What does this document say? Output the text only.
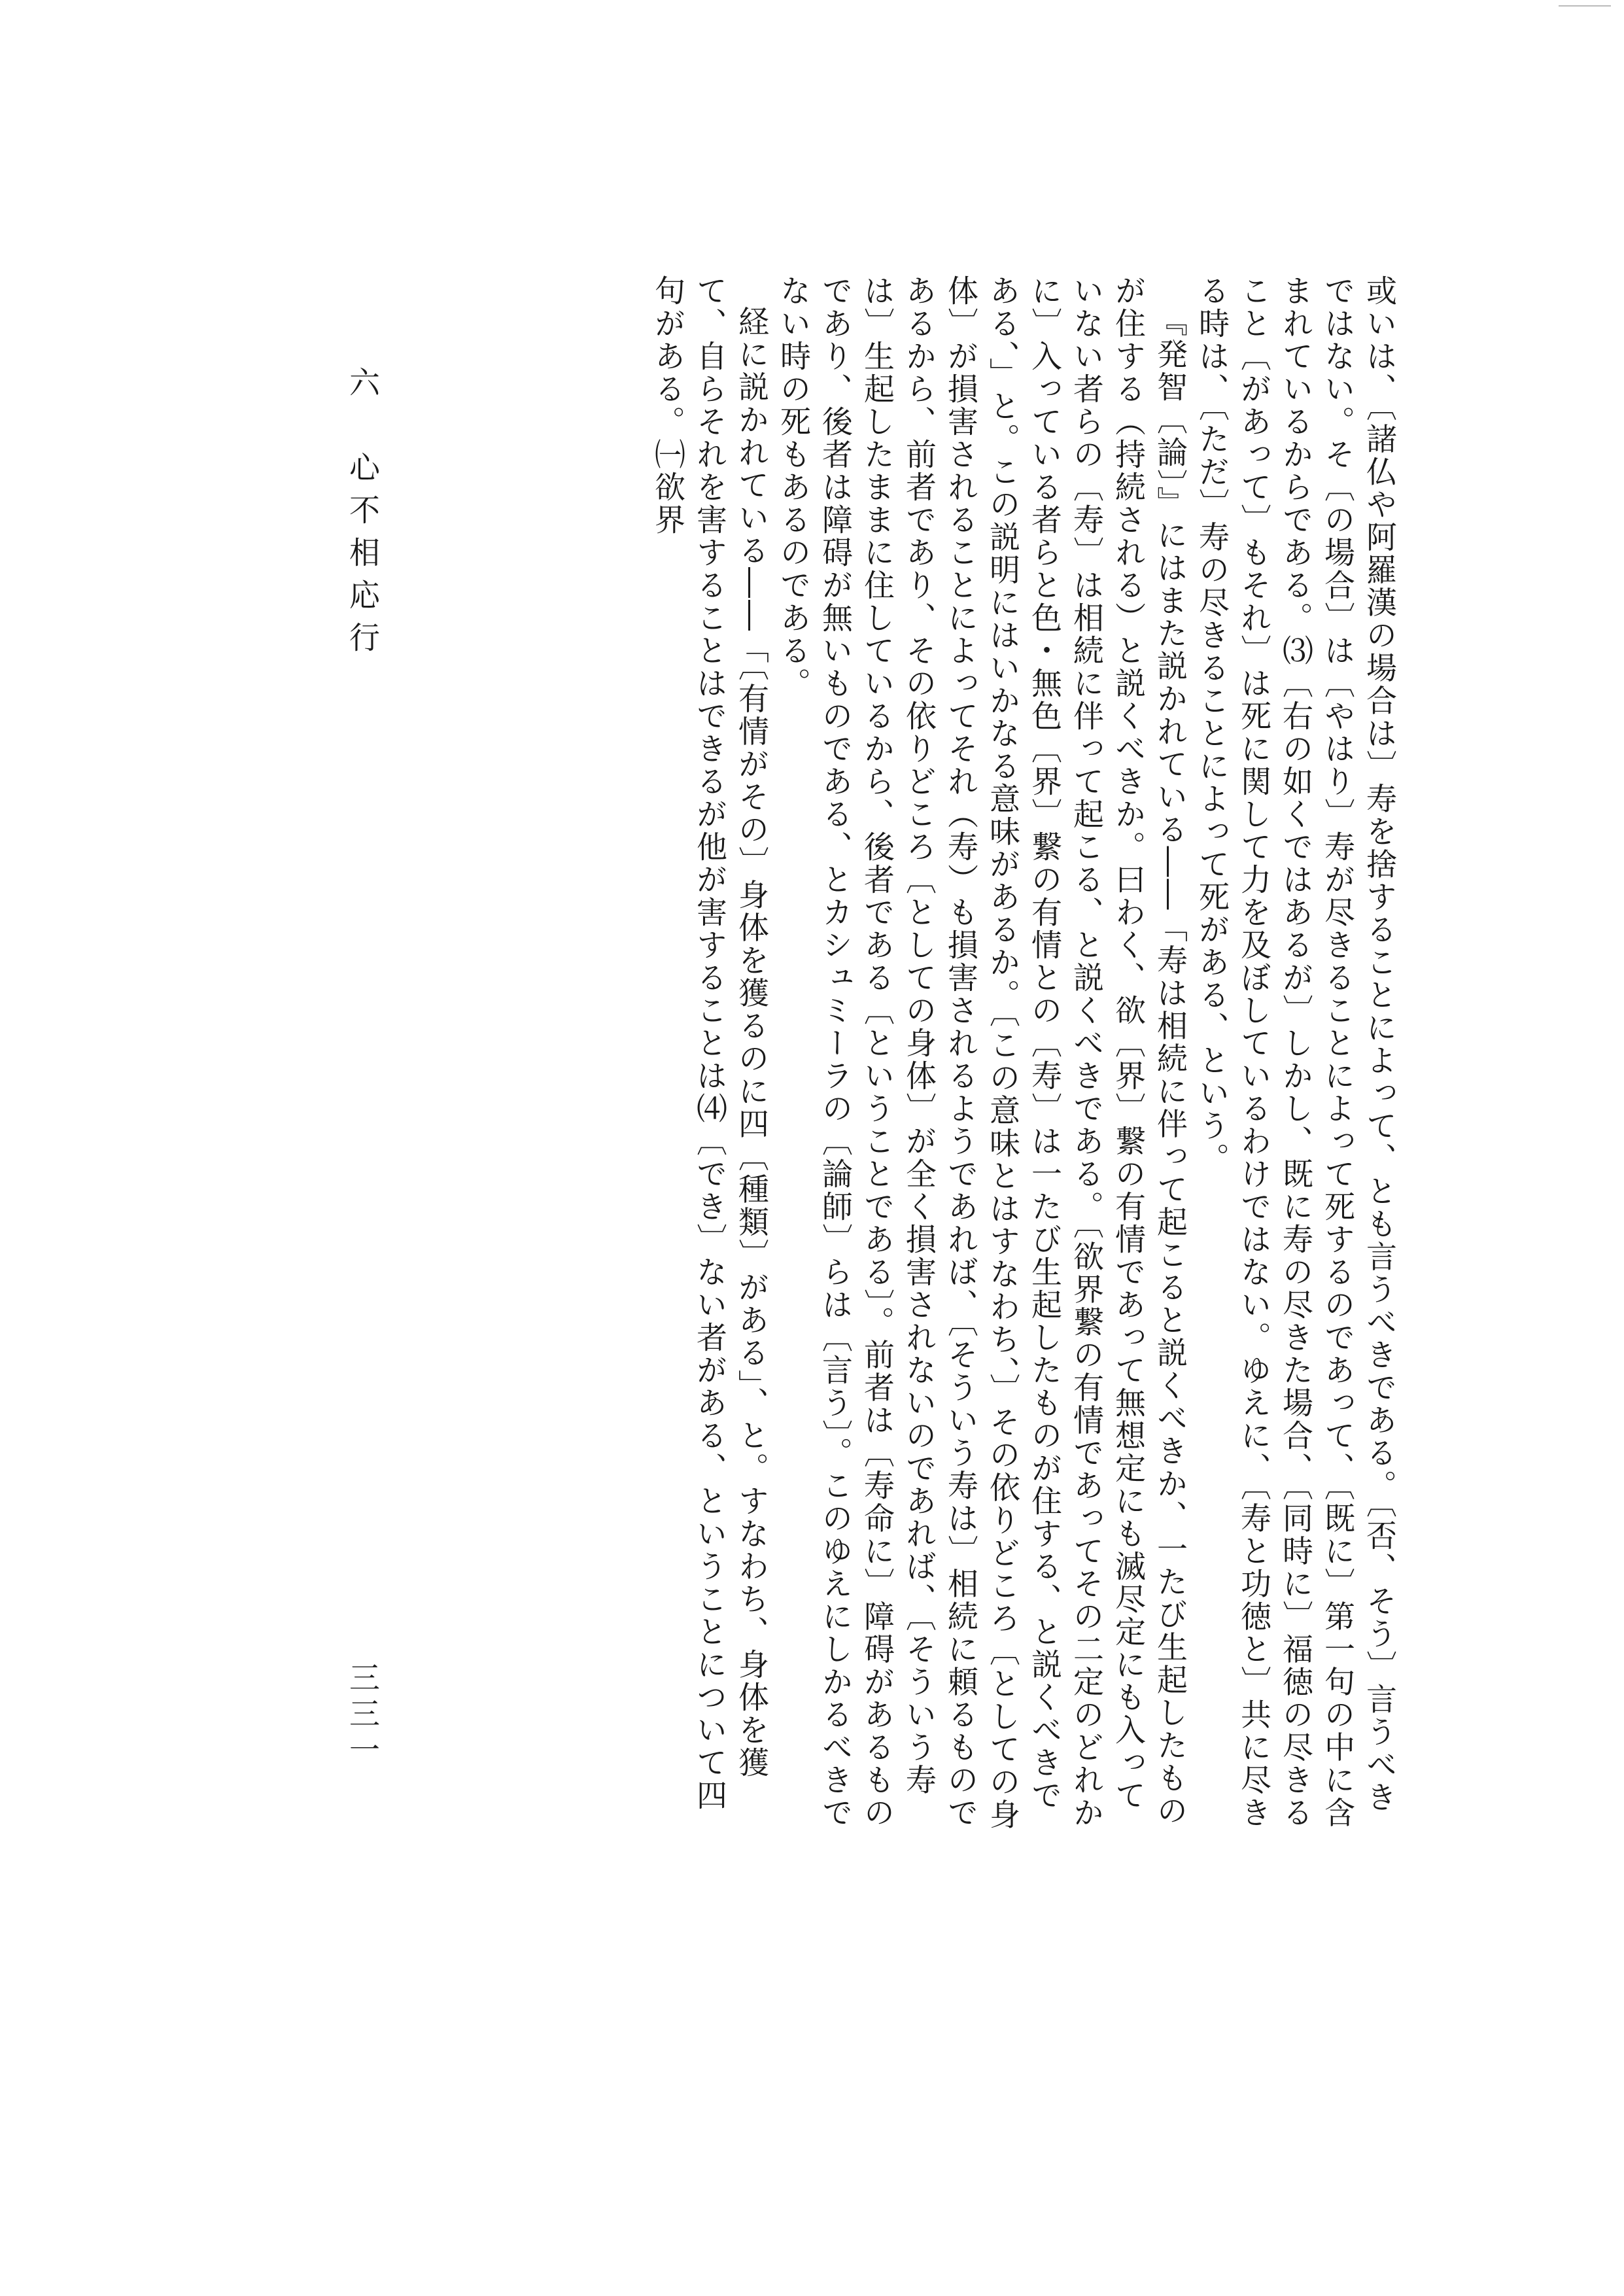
或いは、〔諸仏や阿羅漢の場合は〕寿を捨することによって、とも言うべきである。〔否、そう〕言うべきではない。そ〔の場合〕は〔やはり〕寿が尽きることによって死するのであって、〔既に〕第一句の中に含まれているからである。⑶〔右の如くではあるが〕しかし、既に寿の尽きた場合、〔同時に〕福徳の尽きること〔があって〕もそれ〕は死に関して力を及ぼしているわけではない。ゆえに、〔寿と功徳と〕共に尽きる時は、〔ただ〕寿の尽きることによって死がある、という。

『発智〔論〕』にはまた説かれている――「寿は相続に伴って起こると説くべきか、一たび生起したものが住する（持続される）と説くべきか。曰わく、欲〔界〕繋の有情であって無想定にも滅尽定にも入っていない者らの〔寿〕は相続に伴って起こる、と説くべきである。〔欲界繋の有情であってその二定のどれかに〕入っている者らと色・無色〔界〕繋の有情との〔寿〕は一たび生起したものが住する、と説くべきである、」と。この説明にはいかなる意味があるか。〔この意味とはすなわち、〕その依りどころ〔としての身体〕が損害されることによってそれ（寿）も損害されるようであれば、〔そういう寿は〕相続に頼るものであるから、前者であり、その依りどころ〔としての身体〕が全く損害されないのであれば、〔そういう寿は〕生起したままに住しているから、後者である〔ということである〕。前者は〔寿命に〕障碍があるものであり、後者は障碍が無いものである、とカシュミーラの〔論師〕らは〔言う〕。このゆえにしかるべきでない時の死もあるのである。

経に説かれている――「〔有情がその〕身体を獲るのに四〔種類〕がある」、と。すなわち、身体を獲て、自らそれを害することはできるが他が害することは⑷〔でき〕ない者がある、ということについて四句がある。㈠欲界

六　心不相応行
三三一
